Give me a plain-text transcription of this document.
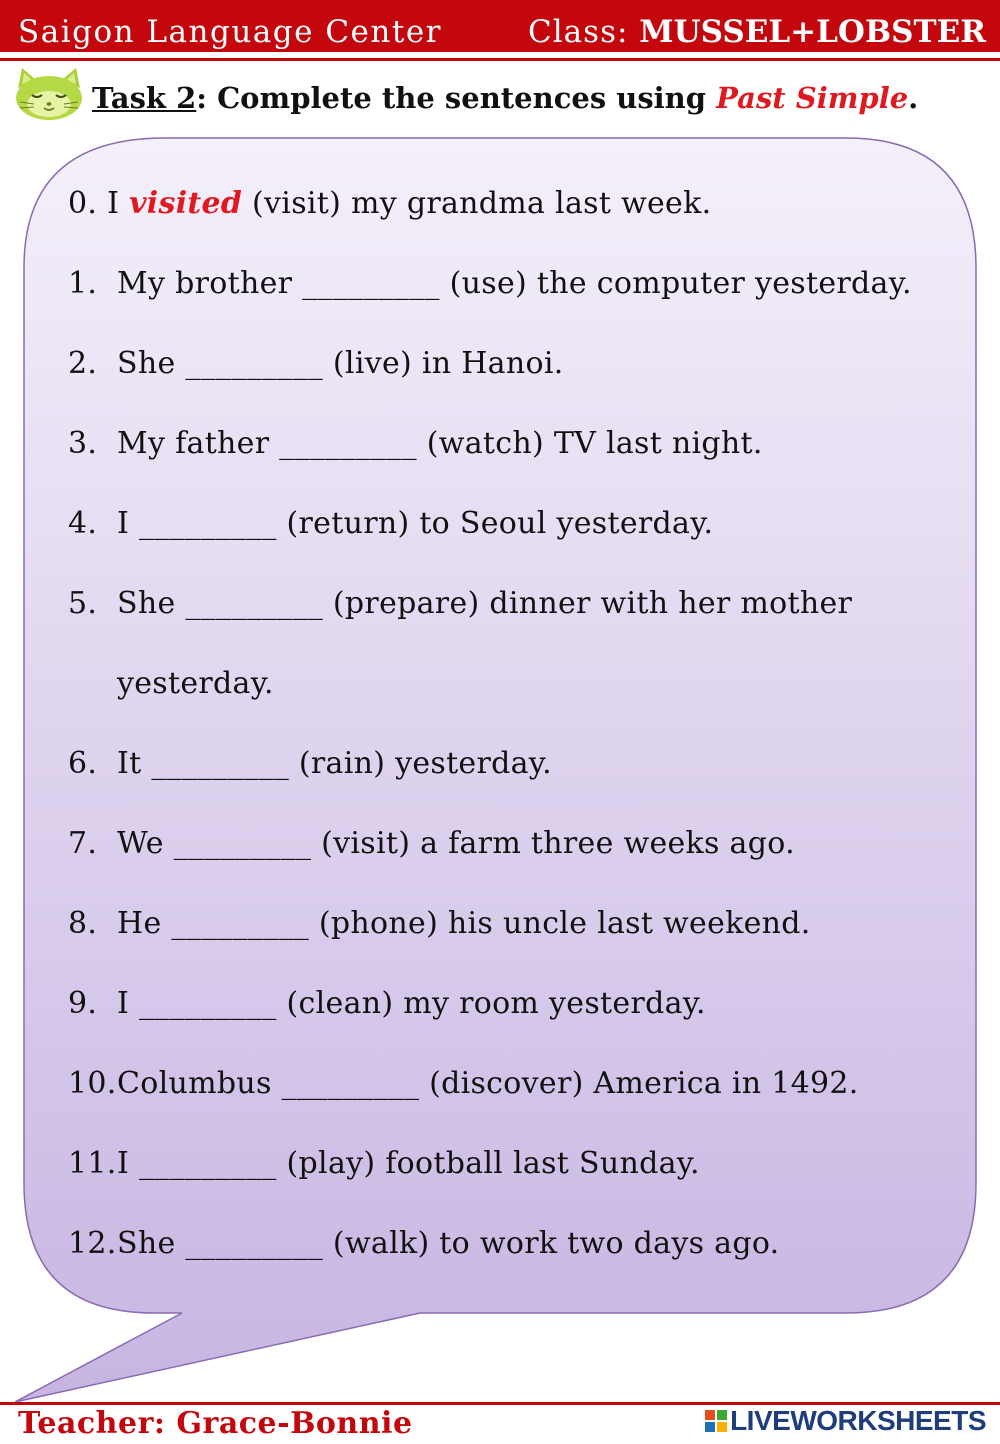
Saigon Language Center	Class: MUSSEL+LOBSTER
Task 2: Complete the sentences using Past Simple.
0. I visited (visit) my grandma last week.
1. My brother _________ (use) the computer yesterday.
2. She _________ (live) in Hanoi.
3. My father _________ (watch) TV last night.
4. I _________ (return) to Seoul yesterday.
5. She _________ (prepare) dinner with her mother
yesterday.
6. It _________ (rain) yesterday.
7. We _________ (visit) a farm three weeks ago.
8. He _________ (phone) his uncle last weekend.
9. I _________ (clean) my room yesterday.
10. Columbus _________ (discover) America in 1492.
11. I _________ (play) football last Sunday.
12. She _________ (walk) to work two days ago.
Teacher: Grace-Bonnie	LIVEWORKSHEETS
